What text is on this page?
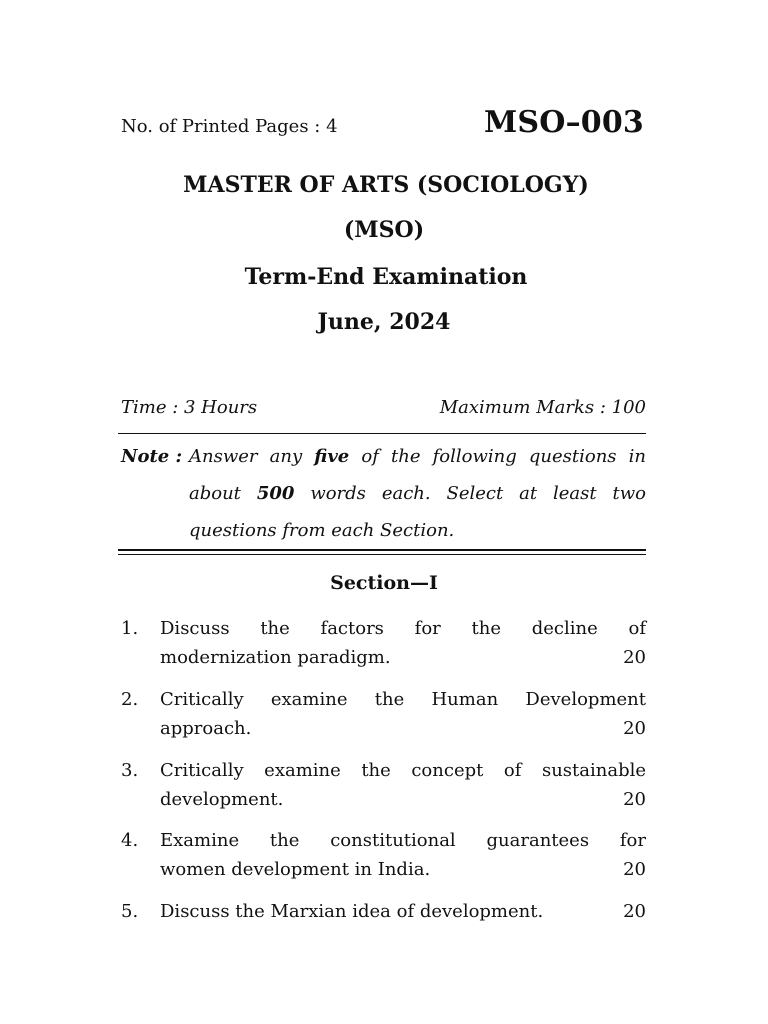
No. of Printed Pages : 4	MSO–003
MASTER OF ARTS (SOCIOLOGY)
(MSO)
Term-End Examination
June, 2024
Time : 3 Hours	Maximum Marks : 100
Note : Answer any five of the following questions in
about 500 words each. Select at least two
questions from each Section.
Section—I
1. Discuss the factors for the decline of
modernization paradigm.	20
2. Critically examine the Human Development
approach.	20
3. Critically examine the concept of sustainable
development.	20
4. Examine the constitutional guarantees for
women development in India.	20
5. Discuss the Marxian idea of development.	20
